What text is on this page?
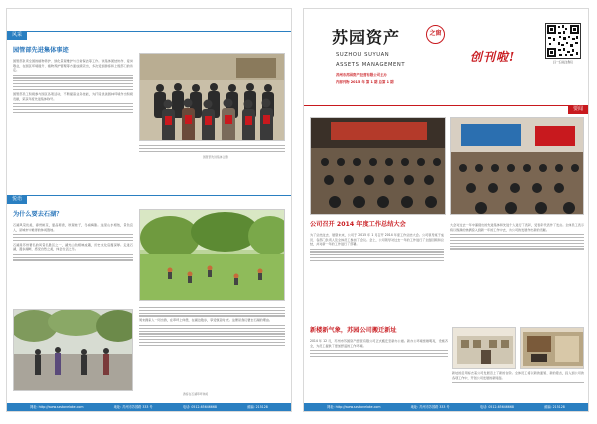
风采
园管部先进集体事迹
园管部负责全园的植物养护、绿化景观维护与日常保洁等工作。该集体团结协作、爱岗敬业，在园区环境提升、植物养护管理等方面成绩突出，多次受到游客和上级部门的肯定。
园管部员工积极参与园区各项活动，不断提高业务技能，为打造优美园林环境作出积极贡献，荣获年度先进集体称号。
园管部先进集体合影
悦语
为什么要去石湖？
石湖风景优美，春赏桃花，夏品荷香，秋观桂子，冬看梅影。这里山水相依，景色宜人，是城市中难得的休闲胜地。
石湖是苏州著名的风景名胜区之一，湖光山色相映成趣，历史文化底蕴深厚。走进石湖，漫步湖畔，感受自然之美，体会生活之乐。
周末携家人一同出游，在草坪上休憩，在湖边散步，享受惬意时光。这便是我们要去石湖的理由。
游客在石湖草坪休闲
网址: http://www.szstonelake.com	地址: 苏州市苏园路 333 号	电话: 0512-65646668	邮编: 215128
苏园资产	之窗
SUZHOU SUYUAN
ASSETS MANAGEMENT
苏州市苏园资产经营有限公司主办
内部刊物 2015 年 第 1 期 总第 1 期
创刊啦!	扫一扫关注我们
要闻
公司召开 2014 年度工作总结大会
为了总结过去、展望未来，公司于 2015 年 1 月召开 2014 年度工作总结大会。公司领导班子成员、各部门负责人及全体员工参加了会议。会上，公司领导对过去一年的工作进行了全面回顾和总结，并对新一年的工作进行了部署。
大会对过去一年中涌现出的先进集体和先进个人进行了表彰，受表彰代表作了发言。全体员工表示将以饱满的热情投入到新一年的工作中去，为公司的发展作出新的贡献。
新楼新气象，苏园公司搬迁新址
2014 年 12 月，苏州市苏园资产经营有限公司正式搬迁至新办公楼。新办公环境宽敞明亮，设施齐全，为员工提供了更加舒适的工作环境。
新址的启用标志着公司发展迈上了新的台阶。全体员工将以新的面貌、新的姿态，投入到公司的各项工作中，开创公司发展的新局面。
网址: http://www.szstonelake.com	地址: 苏州市苏园路 333 号	电话: 0512-65646668	邮编: 215128
